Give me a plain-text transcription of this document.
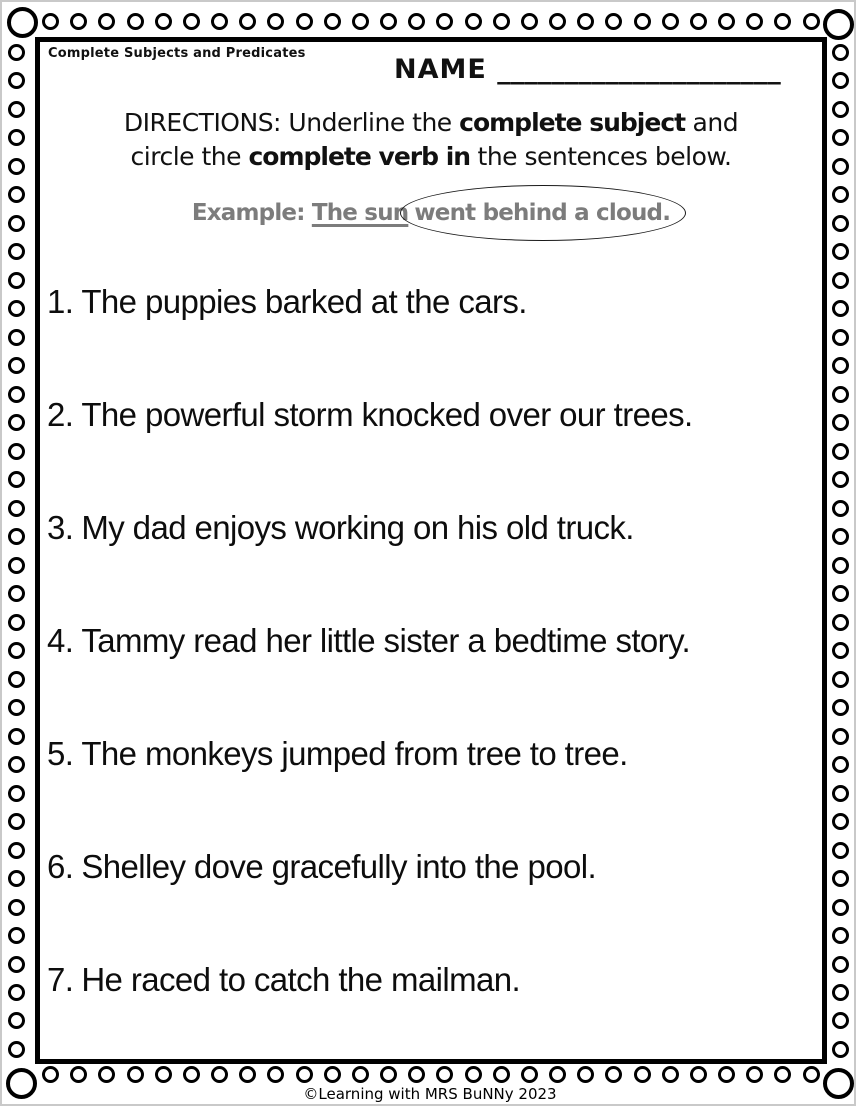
Complete Subjects and Predicates
NAME _____________________
DIRECTIONS: Underline the complete subject and
circle the complete verb in the sentences below.
Example: The sun went behind a cloud.
1. The puppies barked at the cars.
2. The powerful storm knocked over our trees.
3. My dad enjoys working on his old truck.
4. Tammy read her little sister a bedtime story.
5. The monkeys jumped from tree to tree.
6. Shelley dove gracefully into the pool.
7. He raced to catch the mailman.
©Learning with MRS BuNNy 2023
